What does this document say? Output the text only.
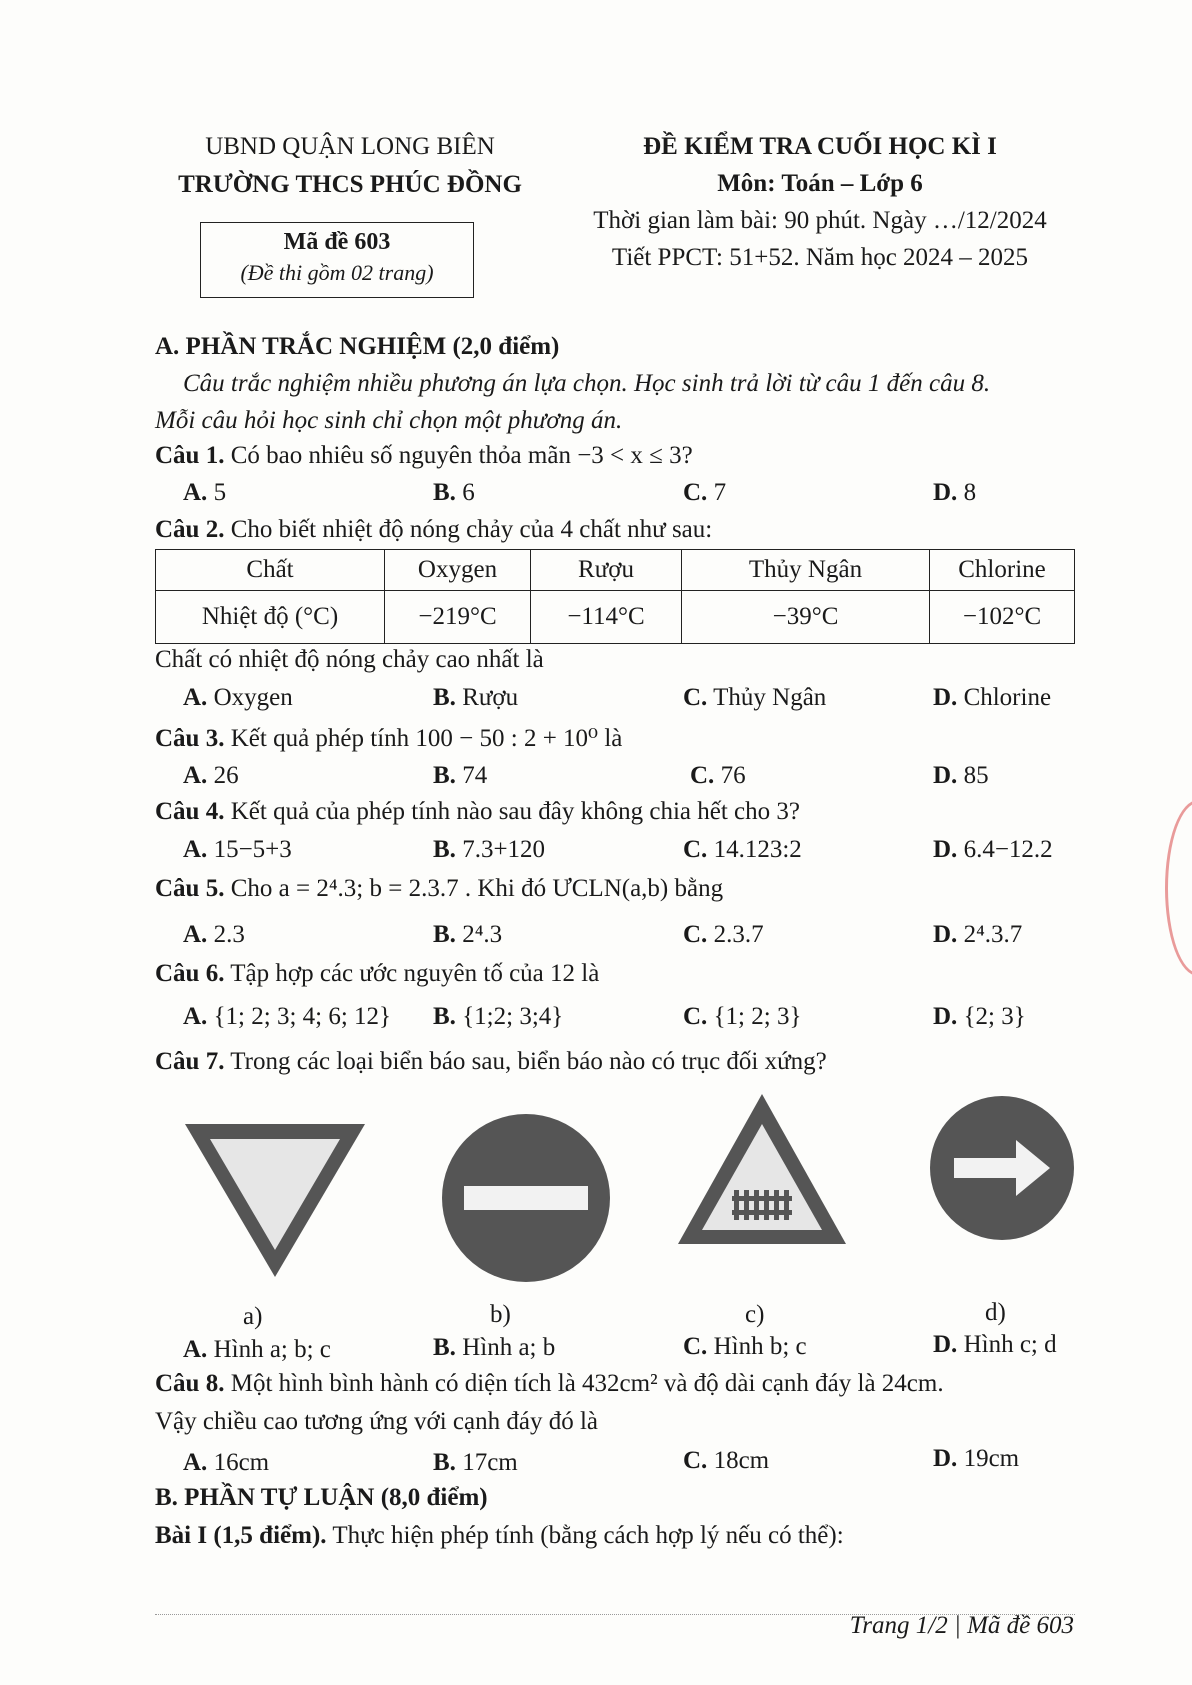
UBND QUẬN LONG BIÊN
TRƯỜNG THCS PHÚC ĐỒNG
Mã đề 603
(Đề thi gồm 02 trang)
ĐỀ KIỂM TRA CUỐI HỌC KÌ I
Môn: Toán – Lớp 6
Thời gian làm bài: 90 phút. Ngày …/12/2024
Tiết PPCT: 51+52. Năm học 2024 – 2025
A. PHẦN TRẮC NGHIỆM (2,0 điểm)
Câu trắc nghiệm nhiều phương án lựa chọn. Học sinh trả lời từ câu 1 đến câu 8.
Mỗi câu hỏi học sinh chỉ chọn một phương án.
Câu 1. Có bao nhiêu số nguyên thỏa mãn −3 < x ≤ 3?
A. 5	B. 6	C. 7	D. 8
Câu 2. Cho biết nhiệt độ nóng chảy của 4 chất như sau:
Chất	Oxygen	Rượu	Thủy Ngân	Chlorine
Nhiệt độ (°C)	−219°C	−114°C	−39°C	−102°C
Chất có nhiệt độ nóng chảy cao nhất là
A. Oxygen	B. Rượu	C. Thủy Ngân	D. Chlorine
Câu 3. Kết quả phép tính 100 − 50 : 2 + 10⁰ là
A. 26	B. 74	C. 76	D. 85
Câu 4. Kết quả của phép tính nào sau đây không chia hết cho 3?
A. 15−5+3	B. 7.3+120	C. 14.123:2	D. 6.4−12.2
Câu 5. Cho a = 2⁴.3; b = 2.3.7 . Khi đó ƯCLN(a,b) bằng
A. 2.3	B. 2⁴.3	C. 2.3.7	D. 2⁴.3.7
Câu 6. Tập hợp các ước nguyên tố của 12 là
A. {1; 2; 3; 4; 6; 12} B. {1;2; 3;4}	C. {1; 2; 3}	D. {2; 3}
Câu 7. Trong các loại biển báo sau, biển báo nào có trục đối xứng?
a)	b)	c)	d)
A. Hình a; b; c	B. Hình a; b	C. Hình b; c	D. Hình c; d
Câu 8. Một hình bình hành có diện tích là 432cm² và độ dài cạnh đáy là 24cm.
Vậy chiều cao tương ứng với cạnh đáy đó là
A. 16cm	B. 17cm	C. 18cm	D. 19cm
B. PHẦN TỰ LUẬN (8,0 điểm)
Bài I (1,5 điểm). Thực hiện phép tính (bằng cách hợp lý nếu có thể):
Trang 1/2 | Mã đề 603
